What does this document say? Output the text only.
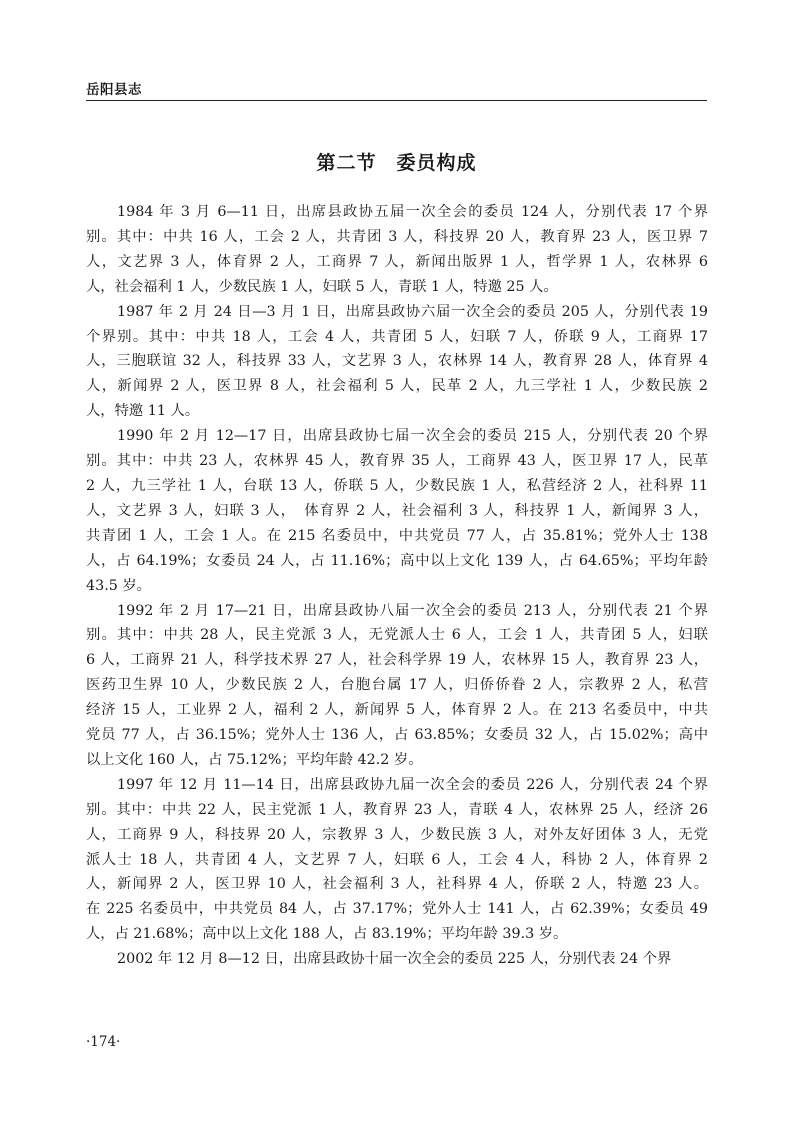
岳阳县志
第二节　委员构成
1984 年 3 月 6—11 日，出席县政协五届一次全会的委员 124 人，分别代表 17 个界
别。其中：中共 16 人，工会 2 人，共青团 3 人，科技界 20 人，教育界 23 人，医卫界 7
人，文艺界 3 人，体育界 2 人，工商界 7 人，新闻出版界 1 人，哲学界 1 人，农林界 6
人，社会福利 1 人，少数民族 1 人，妇联 5 人，青联 1 人，特邀 25 人。
1987 年 2 月 24 日—3 月 1 日，出席县政协六届一次全会的委员 205 人，分别代表 19
个界别。其中：中共 18 人，工会 4 人，共青团 5 人，妇联 7 人，侨联 9 人，工商界 17
人，三胞联谊 32 人，科技界 33 人，文艺界 3 人，农林界 14 人，教育界 28 人，体育界 4
人，新闻界 2 人，医卫界 8 人，社会福利 5 人，民革 2 人，九三学社 1 人，少数民族 2
人，特邀 11 人。
1990 年 2 月 12—17 日，出席县政协七届一次全会的委员 215 人，分别代表 20 个界
别。其中：中共 23 人，农林界 45 人，教育界 35 人，工商界 43 人，医卫界 17 人，民革
2 人，九三学社 1 人，台联 13 人，侨联 5 人，少数民族 1 人，私营经济 2 人，社科界 11
人，文艺界 3 人，妇联 3 人，　体育界 2 人，社会福利 3 人，科技界 1 人，新闻界 3 人，
共青团 1 人，工会 1 人。在 215 名委员中，中共党员 77 人，占 35.81%；党外人士 138
人，占 64.19%；女委员 24 人，占 11.16%；高中以上文化 139 人，占 64.65%；平均年龄
43.5 岁。
1992 年 2 月 17—21 日，出席县政协八届一次全会的委员 213 人，分别代表 21 个界
别。其中：中共 28 人，民主党派 3 人，无党派人士 6 人，工会 1 人，共青团 5 人，妇联
6 人，工商界 21 人，科学技术界 27 人，社会科学界 19 人，农林界 15 人，教育界 23 人，
医药卫生界 10 人，少数民族 2 人，台胞台属 17 人，归侨侨眷 2 人，宗教界 2 人，私营
经济 15 人，工业界 2 人，福利 2 人，新闻界 5 人，体育界 2 人。在 213 名委员中，中共
党员 77 人，占 36.15%；党外人士 136 人，占 63.85%；女委员 32 人，占 15.02%；高中
以上文化 160 人，占 75.12%；平均年龄 42.2 岁。
1997 年 12 月 11—14 日，出席县政协九届一次全会的委员 226 人，分别代表 24 个界
别。其中：中共 22 人，民主党派 1 人，教育界 23 人，青联 4 人，农林界 25 人，经济 26
人，工商界 9 人，科技界 20 人，宗教界 3 人，少数民族 3 人，对外友好团体 3 人，无党
派人士 18 人，共青团 4 人，文艺界 7 人，妇联 6 人，工会 4 人，科协 2 人，体育界 2
人，新闻界 2 人，医卫界 10 人，社会福利 3 人，社科界 4 人，侨联 2 人，特邀 23 人。
在 225 名委员中，中共党员 84 人，占 37.17%；党外人士 141 人，占 62.39%；女委员 49
人，占 21.68%；高中以上文化 188 人，占 83.19%；平均年龄 39.3 岁。
2002 年 12 月 8—12 日，出席县政协十届一次全会的委员 225 人，分别代表 24 个界
·174·
